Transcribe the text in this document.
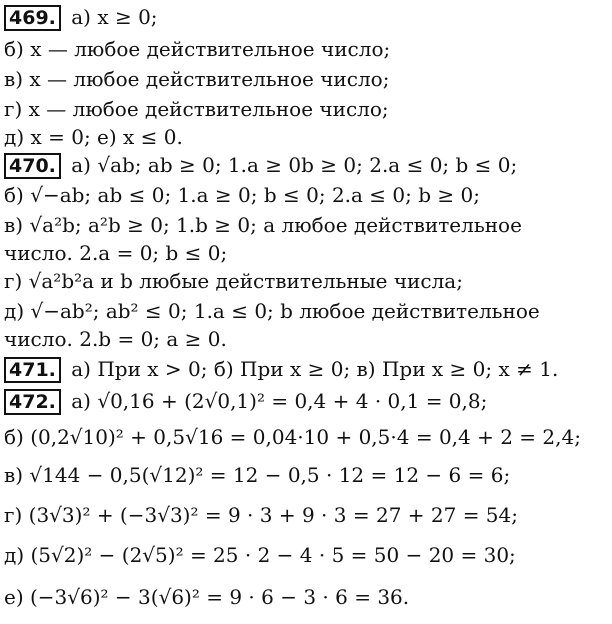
469. а) x ≥ 0;
б) x — любое действительное число;
в) x — любое действительное число;
г) x — любое действительное число;
д) x = 0; е) x ≤ 0.
470. а) √ab; ab ≥ 0; 1.a ≥ 0b ≥ 0; 2.a ≤ 0; b ≤ 0;
б) √−ab; ab ≤ 0; 1.a ≥ 0; b ≤ 0; 2.a ≤ 0; b ≥ 0;
в) √a²b; a²b ≥ 0; 1.b ≥ 0; a любое действительное
число. 2.a = 0; b ≤ 0;
г) √a²b²a и b любые действительные числа;
д) √−ab²; ab² ≤ 0; 1.a ≤ 0; b любое действительное
число. 2.b = 0; a ≥ 0.
471. а) При x > 0; б) При x ≥ 0; в) При x ≥ 0; x ≠ 1.
472. а) √0,16 + (2√0,1)² = 0,4 + 4 · 0,1 = 0,8;
б) (0,2√10)² + 0,5√16 = 0,04·10 + 0,5·4 = 0,4 + 2 = 2,4;
в) √144 − 0,5(√12)² = 12 − 0,5 · 12 = 12 − 6 = 6;
г) (3√3)² + (−3√3)² = 9 · 3 + 9 · 3 = 27 + 27 = 54;
д) (5√2)² − (2√5)² = 25 · 2 − 4 · 5 = 50 − 20 = 30;
е) (−3√6)² − 3(√6)² = 9 · 6 − 3 · 6 = 36.
